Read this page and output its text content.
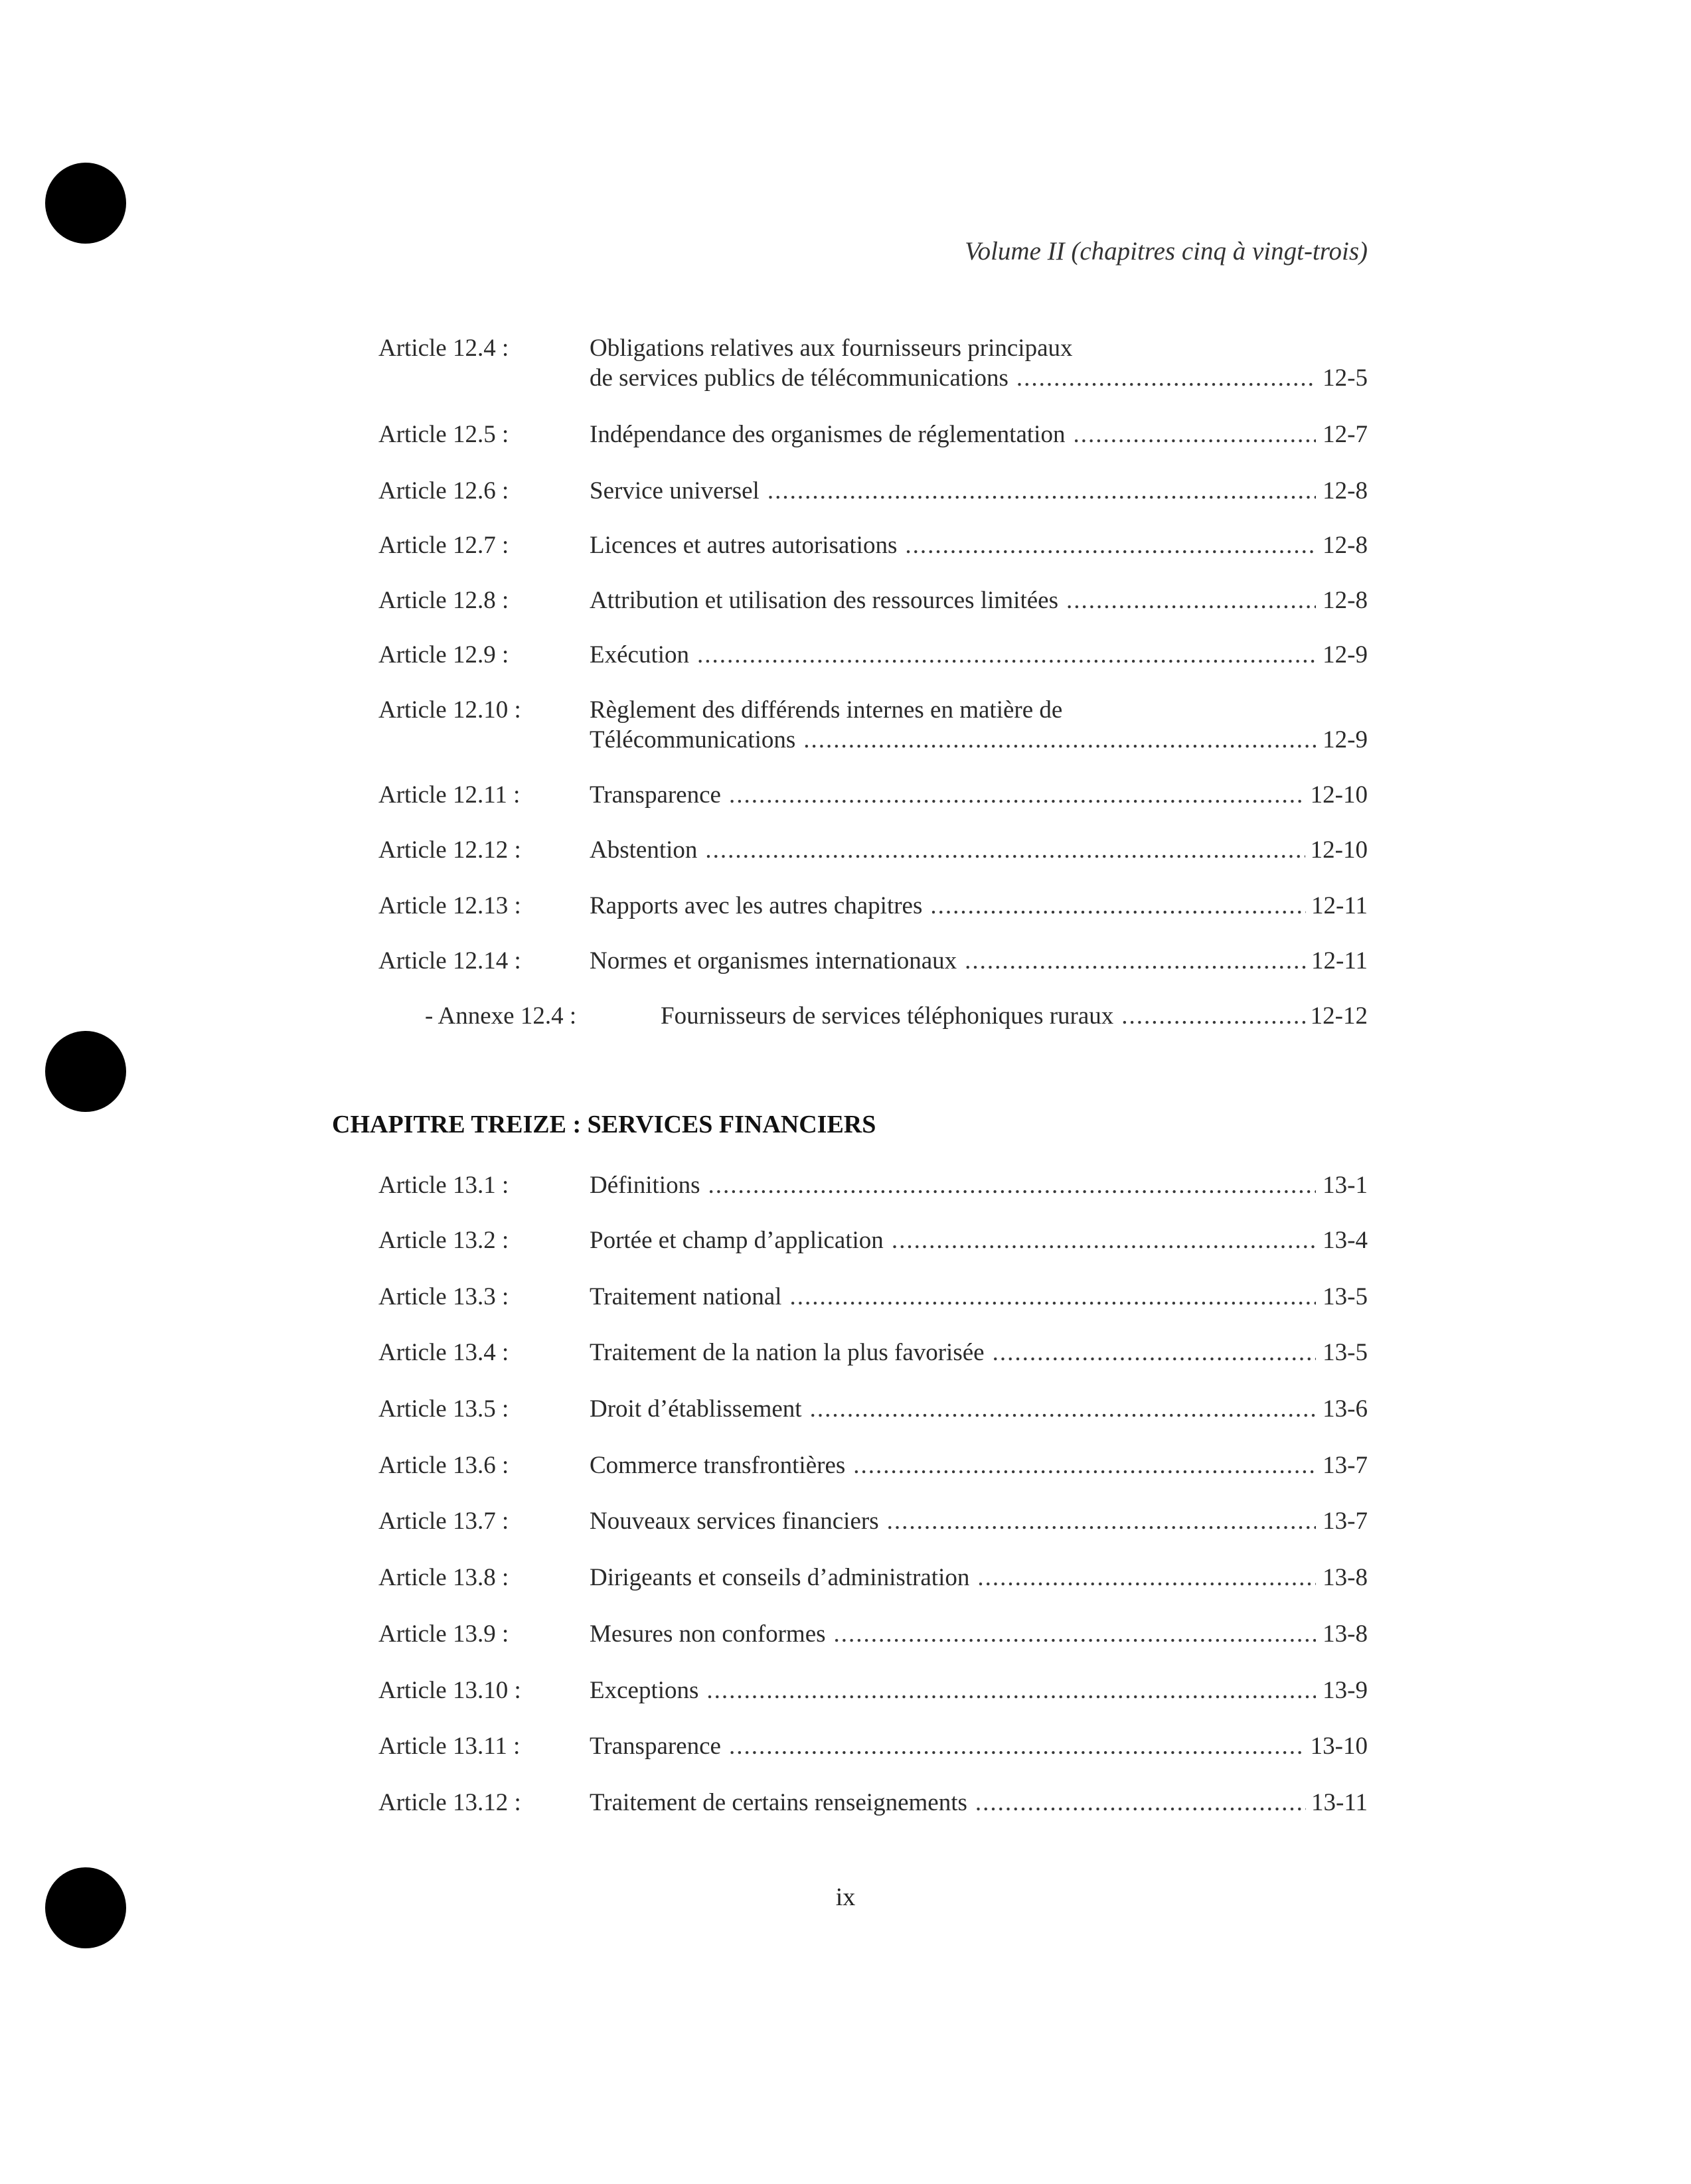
Volume II (chapitres cinq à vingt-trois)
Article 12.4 :	Obligations relatives aux fournisseurs principaux
de services publics de télécommunications .....	12-5
Article 12.5 :	Indépendance des organismes de réglementation .....	12-7
Article 12.6 :	Service universel .....	12-8
Article 12.7 :	Licences et autres autorisations .....	12-8
Article 12.8 :	Attribution et utilisation des ressources limitées .....	12-8
Article 12.9 :	Exécution .....	12-9
Article 12.10 :	Règlement des différends internes en matière de
Télécommunications .....	12-9
Article 12.11 :	Transparence .....	12-10
Article 12.12 :	Abstention .....	12-10
Article 12.13 :	Rapports avec les autres chapitres .....	12-11
Article 12.14 :	Normes et organismes internationaux .....	12-11
- Annexe 12.4 :	Fournisseurs de services téléphoniques ruraux .....	12-12
CHAPITRE TREIZE : SERVICES FINANCIERS
Article 13.1 :	Définitions .....	13-1
Article 13.2 :	Portée et champ d’application .....	13-4
Article 13.3 :	Traitement national .....	13-5
Article 13.4 :	Traitement de la nation la plus favorisée .....	13-5
Article 13.5 :	Droit d’établissement .....	13-6
Article 13.6 :	Commerce transfrontières .....	13-7
Article 13.7 :	Nouveaux services financiers .....	13-7
Article 13.8 :	Dirigeants et conseils d’administration .....	13-8
Article 13.9 :	Mesures non conformes .....	13-8
Article 13.10 :	Exceptions .....	13-9
Article 13.11 :	Transparence .....	13-10
Article 13.12 :	Traitement de certains renseignements .....	13-11
ix
